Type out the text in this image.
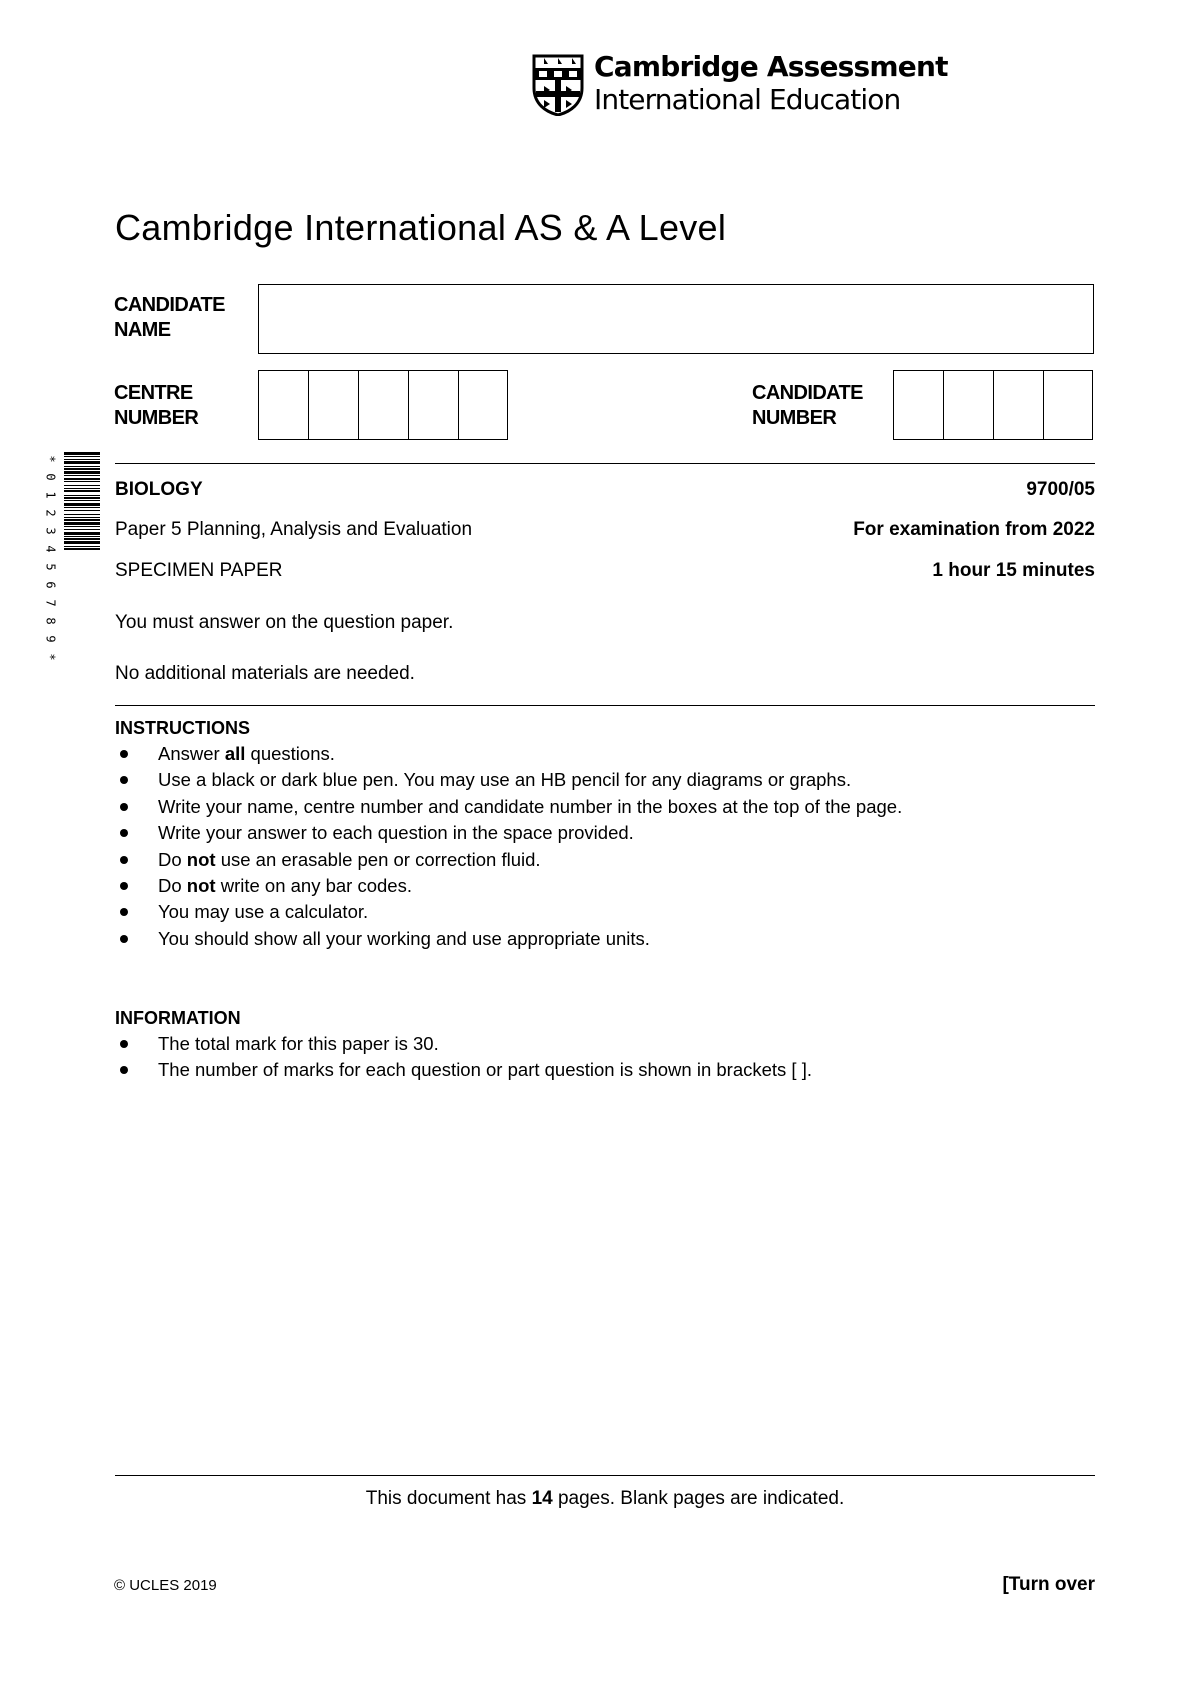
Cambridge Assessment
International Education
Cambridge International AS & A Level
CANDIDATE
NAME
CENTRE
NUMBER
CANDIDATE
NUMBER
*
0
1
2
3
4
5
6
7
8
9
*
BIOLOGY	9700/05
Paper 5 Planning, Analysis and Evaluation	For examination from 2022
SPECIMEN PAPER	1 hour 15 minutes
You must answer on the question paper.
No additional materials are needed.
INSTRUCTIONS
Answer all questions.
Use a black or dark blue pen. You may use an HB pencil for any diagrams or graphs.
Write your name, centre number and candidate number in the boxes at the top of the page.
Write your answer to each question in the space provided.
Do not use an erasable pen or correction fluid.
Do not write on any bar codes.
You may use a calculator.
You should show all your working and use appropriate units.
INFORMATION
The total mark for this paper is 30.
The number of marks for each question or part question is shown in brackets [ ].
This document has 14 pages. Blank pages are indicated.
© UCLES 2019	[Turn over
